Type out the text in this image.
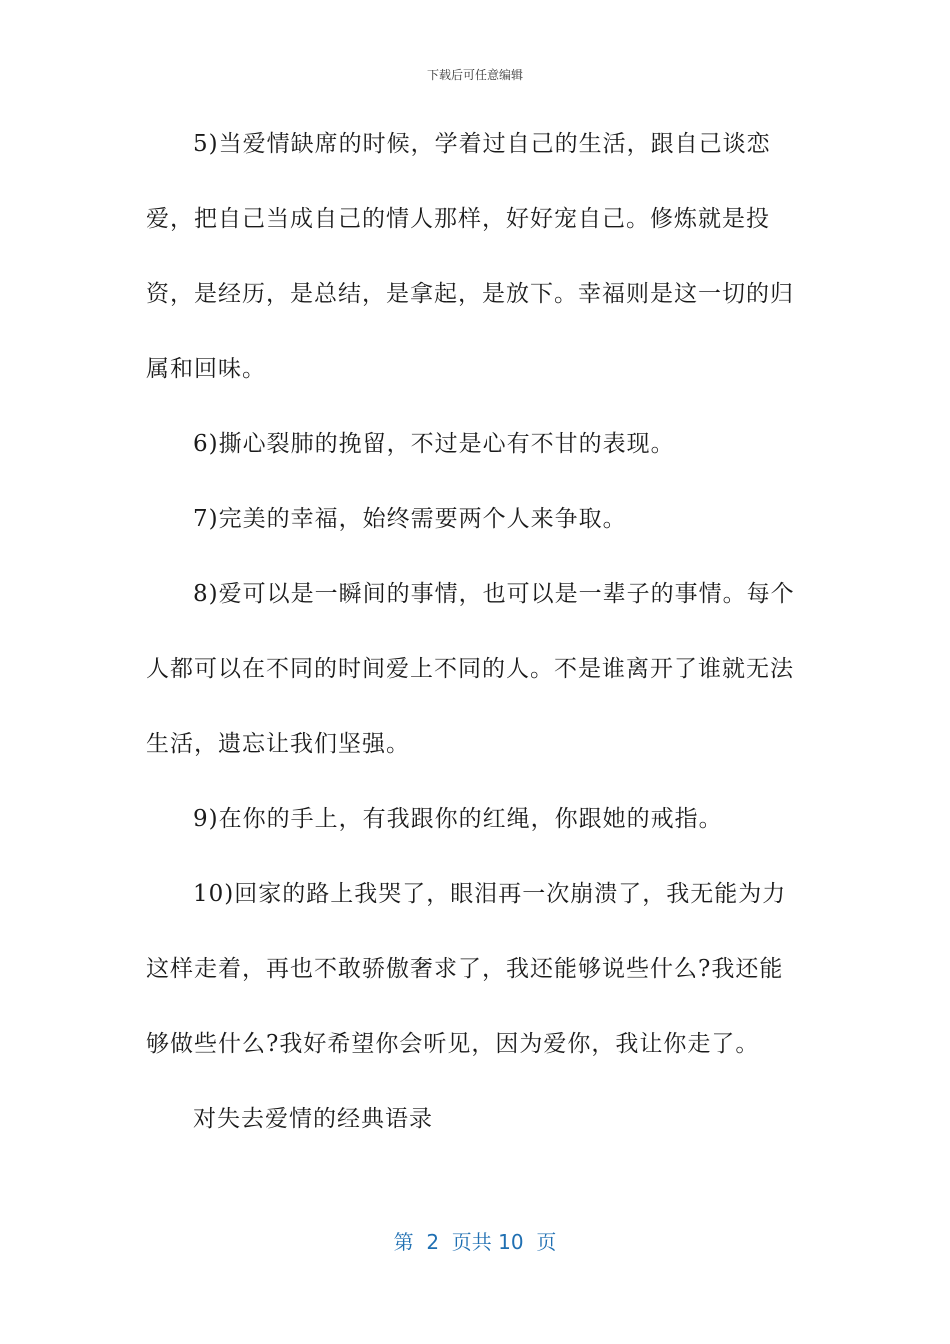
下载后可任意编辑

5)当爱情缺席的时候，学着过自己的生活，跟自己谈恋爱，把自己当成自己的情人那样，好好宠自己。修炼就是投资，是经历，是总结，是拿起，是放下。幸福则是这一切的归属和回味。

6)撕心裂肺的挽留，不过是心有不甘的表现。

7)完美的幸福，始终需要两个人来争取。

8)爱可以是一瞬间的事情，也可以是一辈子的事情。每个人都可以在不同的时间爱上不同的人。不是谁离开了谁就无法生活，遗忘让我们坚强。

9)在你的手上，有我跟你的红绳，你跟她的戒指。

10)回家的路上我哭了，眼泪再一次崩溃了，我无能为力这样走着，再也不敢骄傲奢求了，我还能够说些什么?我还能够做些什么?我好希望你会听见，因为爱你，我让你走了。

对失去爱情的经典语录

第  2  页共 10  页
